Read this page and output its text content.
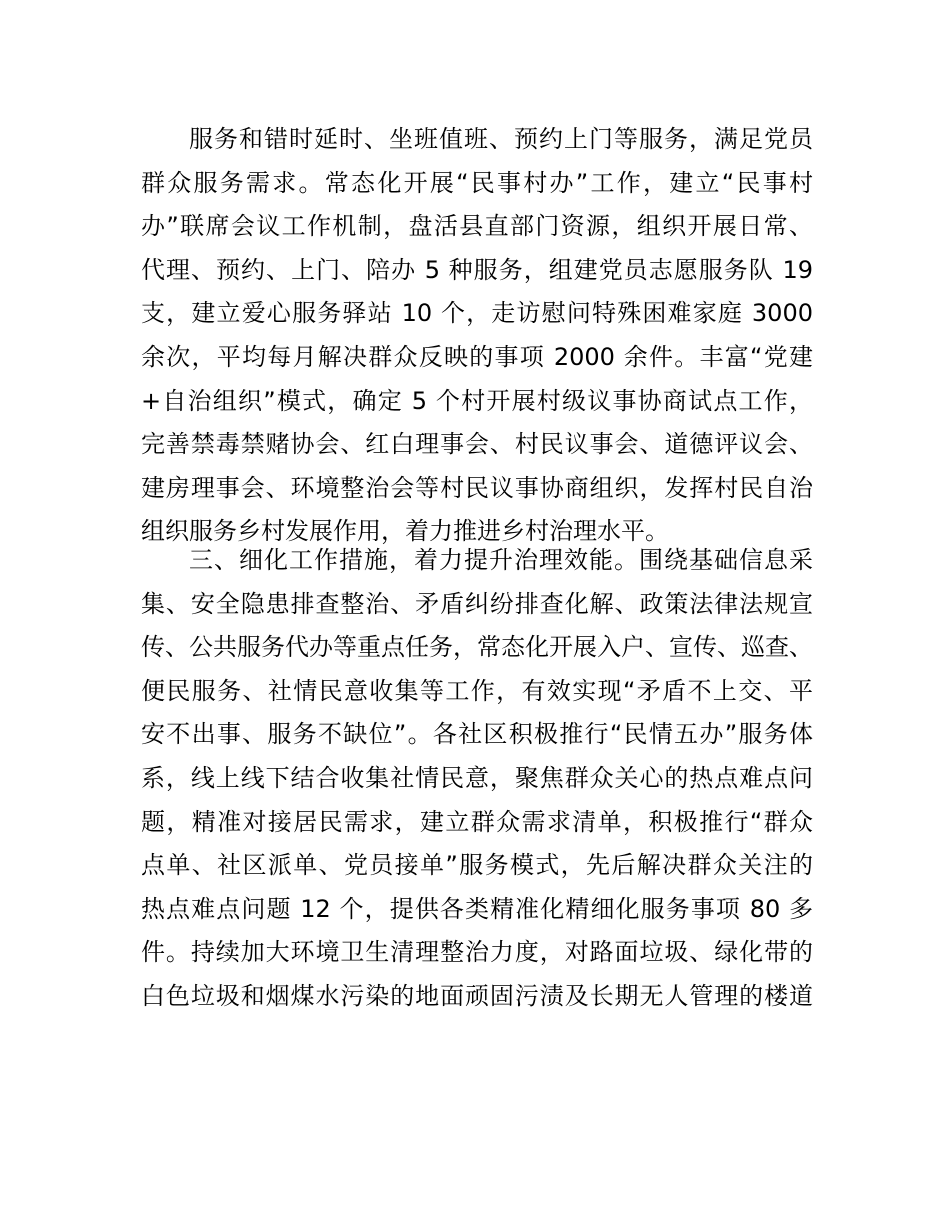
服务和错时延时、坐班值班、预约上门等服务，满足党员
群众服务需求。常态化开展“民事村办”工作，建立“民事村
办”联席会议工作机制，盘活县直部门资源，组织开展日常、
代理、预约、上门、陪办 5 种服务，组建党员志愿服务队 19
支，建立爱心服务驿站 10 个，走访慰问特殊困难家庭 3000
余次，平均每月解决群众反映的事项 2000 余件。丰富“党建
+自治组织”模式，确定 5 个村开展村级议事协商试点工作，
完善禁毒禁赌协会、红白理事会、村民议事会、道德评议会、
建房理事会、环境整治会等村民议事协商组织，发挥村民自治
组织服务乡村发展作用，着力推进乡村治理水平。
三、细化工作措施，着力提升治理效能。围绕基础信息采
集、安全隐患排查整治、矛盾纠纷排查化解、政策法律法规宣
传、公共服务代办等重点任务，常态化开展入户、宣传、巡查、
便民服务、社情民意收集等工作，有效实现“矛盾不上交、平
安不出事、服务不缺位”。各社区积极推行“民情五办”服务体
系，线上线下结合收集社情民意，聚焦群众关心的热点难点问
题，精准对接居民需求，建立群众需求清单，积极推行“群众
点单、社区派单、党员接单”服务模式，先后解决群众关注的
热点难点问题 12 个，提供各类精准化精细化服务事项 80 多
件。持续加大环境卫生清理整治力度，对路面垃圾、绿化带的
白色垃圾和烟煤水污染的地面顽固污渍及长期无人管理的楼道
